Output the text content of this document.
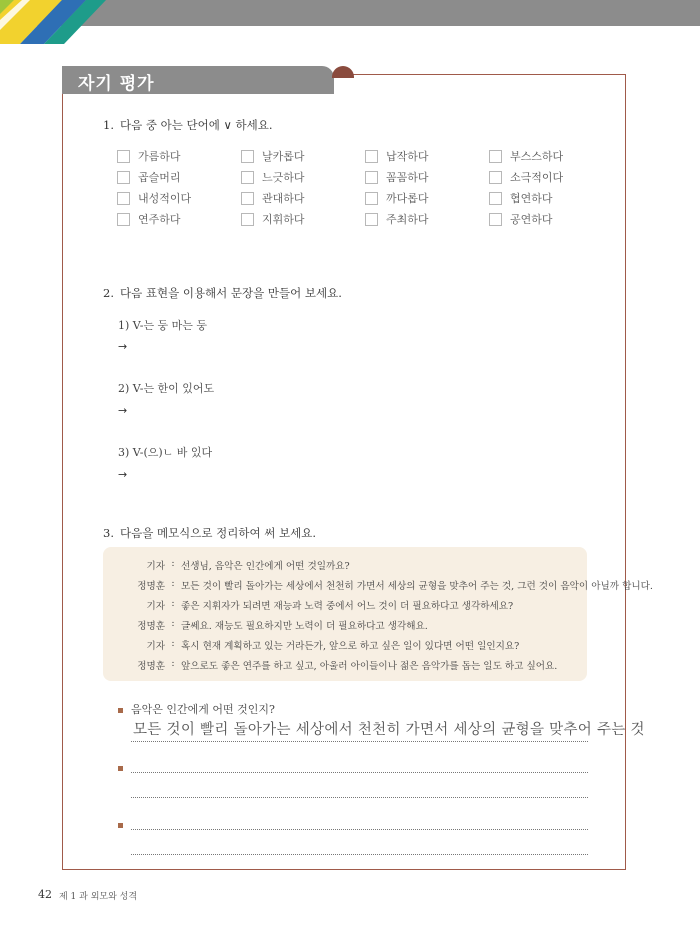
자기 평가
1. 다음 중 아는 단어에 ∨ 하세요.
가름하다	날카롭다	납작하다	부스스하다
곱슬머리	느긋하다	꼼꼼하다	소극적이다
내성적이다	관대하다	까다롭다	협연하다
연주하다	지휘하다	주최하다	공연하다
2. 다음 표현을 이용해서 문장을 만들어 보세요.
1) V-는 둥 마는 둥
→
2) V-는 한이 있어도
→
3) V-(으)ㄴ 바 있다
→
3. 다음을 메모식으로 정리하여 써 보세요.
기자 : 선생님, 음악은 인간에게 어떤 것일까요?
정명훈 : 모든 것이 빨리 돌아가는 세상에서 천천히 가면서 세상의 균형을 맞추어 주는 것, 그런 것이 음악이 아닐까 합니다.
기자 : 좋은 지휘자가 되려면 재능과 노력 중에서 어느 것이 더 필요하다고 생각하세요?
정명훈 : 글쎄요. 재능도 필요하지만 노력이 더 필요하다고 생각해요.
기자 : 혹시 현재 계획하고 있는 거라든가, 앞으로 하고 싶은 일이 있다면 어떤 일인지요?
정명훈 : 앞으로도 좋은 연주를 하고 싶고, 아울러 아이들이나 젊은 음악가를 돕는 일도 하고 싶어요.
음악은 인간에게 어떤 것인지?
모든 것이 빨리 돌아가는 세상에서 천천히 가면서 세상의 균형을 맞추어 주는 것
42 제 1 과 외모와 성격
